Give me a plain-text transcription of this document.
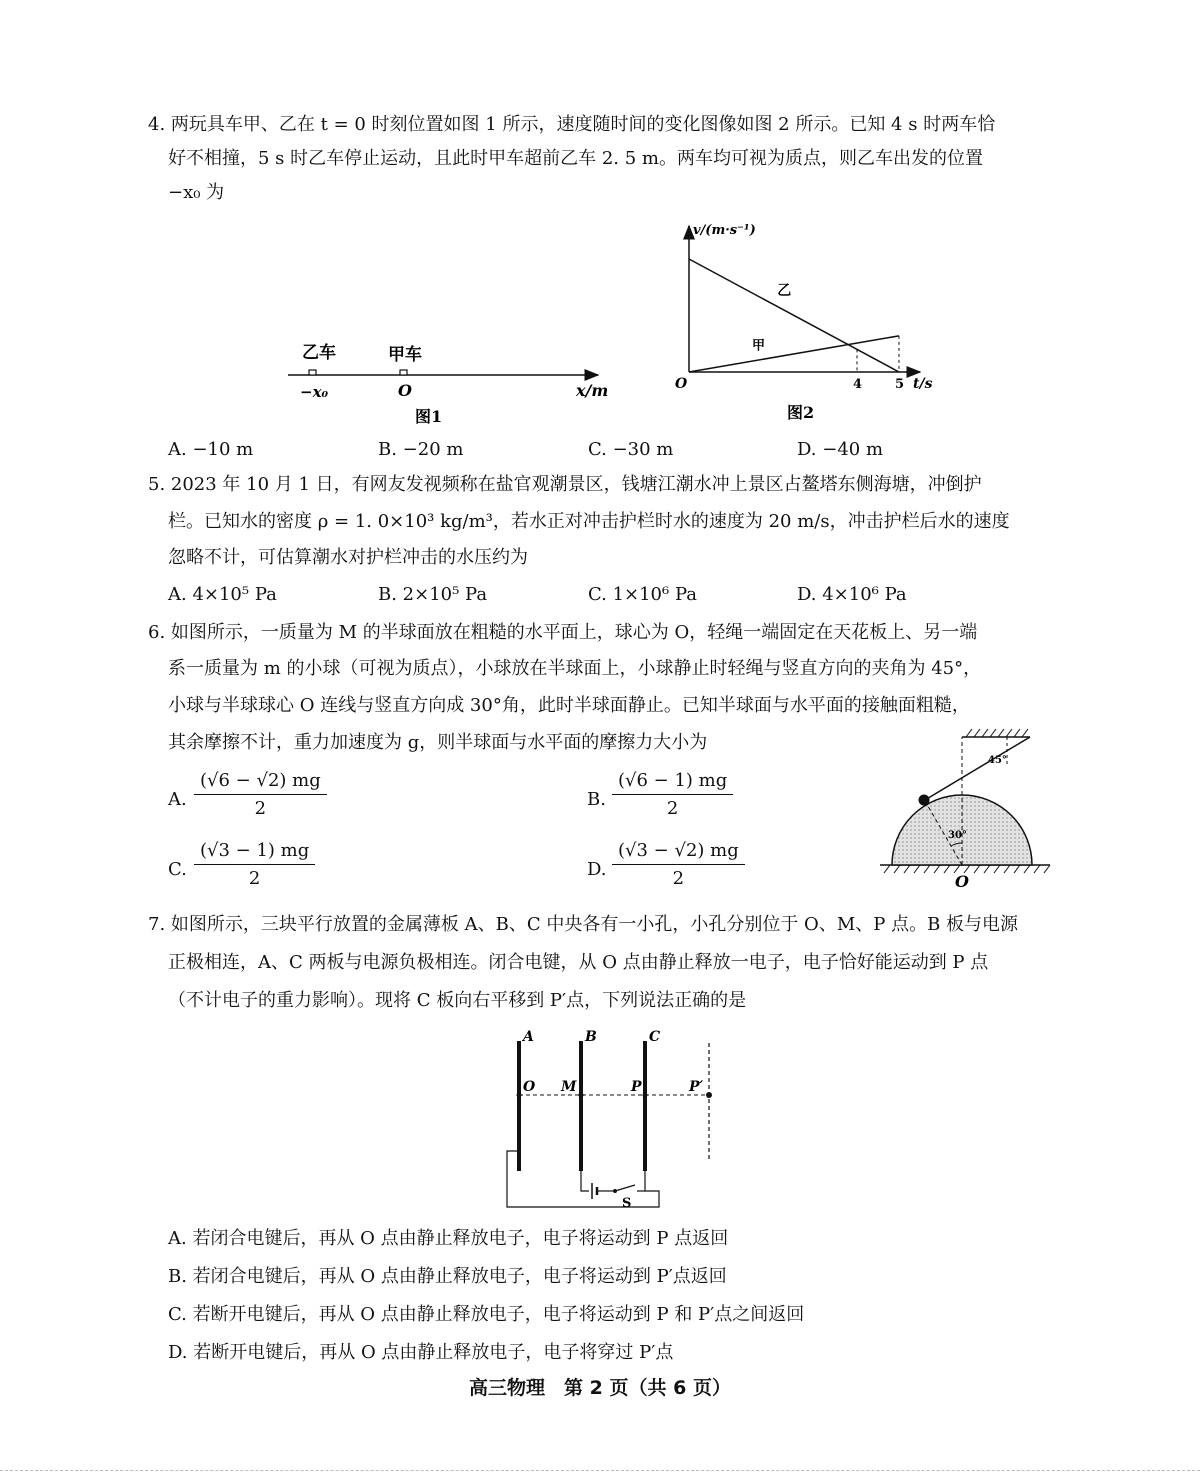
4. 两玩具车甲、乙在 t = 0 时刻位置如图 1 所示，速度随时间的变化图像如图 2 所示。已知 4 s 时两车恰
好不相撞，5 s 时乙车停止运动，且此时甲车超前乙车 2. 5 m。两车均可视为质点，则乙车出发的位置
−x₀ 为
乙车	甲车
−x₀	O	x/m
图1
4	5
乙
甲
v/(m·s⁻¹)
t/s
O
图2
A. −10 m	B. −20 m	C. −30 m	D. −40 m
5. 2023 年 10 月 1 日，有网友发视频称在盐官观潮景区，钱塘江潮水冲上景区占鳌塔东侧海塘，冲倒护
栏。已知水的密度 ρ = 1. 0×10³ kg/m³，若水正对冲击护栏时水的速度为 20 m/s，冲击护栏后水的速度
忽略不计，可估算潮水对护栏冲击的水压约为
A. 4×10⁵ Pa	B. 2×10⁵ Pa	C. 1×10⁶ Pa	D. 4×10⁶ Pa
6. 如图所示，一质量为 M 的半球面放在粗糙的水平面上，球心为 O，轻绳一端固定在天花板上、另一端
系一质量为 m 的小球（可视为质点），小球放在半球面上，小球静止时轻绳与竖直方向的夹角为 45°，
小球与半球球心 O 连线与竖直方向成 30°角，此时半球面静止。已知半球面与水平面的接触面粗糙，
其余摩擦不计，重力加速度为 g，则半球面与水平面的摩擦力大小为
A. $\frac{(√6 - √2) mg}{2}$	B. $\frac{(√6 - 1) mg}{2}$
C. $\frac{(√3 - 1) mg}{2}$	D. $\frac{(√3 - √2) mg}{2}$
30°
45°
O
7. 如图所示，三块平行放置的金属薄板 A、B、C 中央各有一小孔，小孔分别位于 O、M、P 点。B 板与电源
正极相连，A、C 两板与电源负极相连。闭合电键，从 O 点由静止释放一电子，电子恰好能运动到 P 点
（不计电子的重力影响）。现将 C 板向右平移到 P′点，下列说法正确的是
A	B	C
O M	P	P′
S
A. 若闭合电键后，再从 O 点由静止释放电子，电子将运动到 P 点返回
B. 若闭合电键后，再从 O 点由静止释放电子，电子将运动到 P′点返回
C. 若断开电键后，再从 O 点由静止释放电子，电子将运动到 P 和 P′点之间返回
D. 若断开电键后，再从 O 点由静止释放电子，电子将穿过 P′点
高三物理　第 2 页（共 6 页）
